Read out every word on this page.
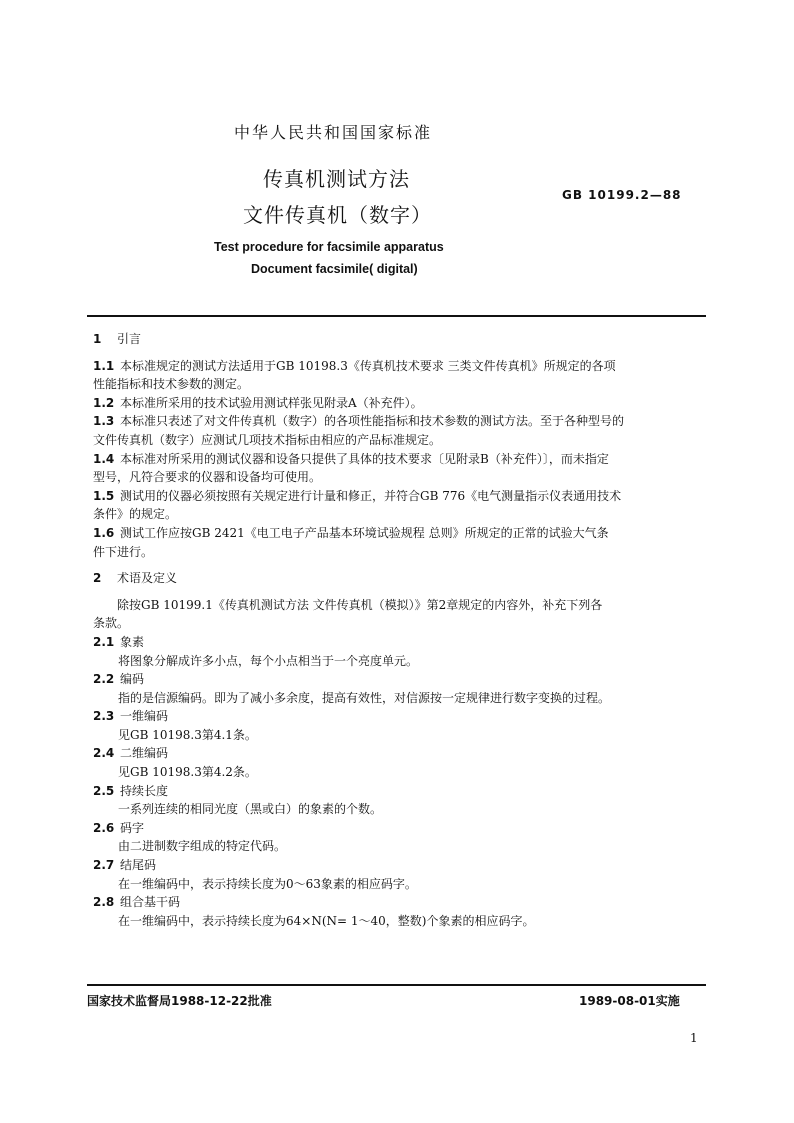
中华人民共和国国家标准
传真机测试方法
文件传真机（数字）
GB 10199.2—88
Test procedure for facsimile apparatus
Document facsimile( digital)
1 引言
1.1 本标准规定的测试方法适用于GB 10198.3《传真机技术要求 三类文件传真机》所规定的各项
性能指标和技术参数的测定。
1.2 本标准所采用的技术试验用测试样张见附录A（补充件）。
1.3 本标准只表述了对文件传真机（数字）的各项性能指标和技术参数的测试方法。至于各种型号的
文件传真机（数字）应测试几项技术指标由相应的产品标准规定。
1.4 本标准对所采用的测试仪器和设备只提供了具体的技术要求〔见附录B（补充件）〕，而未指定
型号，凡符合要求的仪器和设备均可使用。
1.5 测试用的仪器必须按照有关规定进行计量和修正，并符合GB 776《电气测量指示仪表通用技术
条件》的规定。
1.6 测试工作应按GB 2421《电工电子产品基本环境试验规程 总则》所规定的正常的试验大气条
件下进行。
2 术语及定义
除按GB 10199.1《传真机测试方法 文件传真机（模拟）》第2章规定的内容外，补充下列各
条款。
2.1 象素
将图象分解成许多小点，每个小点相当于一个亮度单元。
2.2 编码
指的是信源编码。即为了减小多余度，提高有效性，对信源按一定规律进行数字变换的过程。
2.3 一维编码
见GB 10198.3第4.1条。
2.4 二维编码
见GB 10198.3第4.2条。
2.5 持续长度
一系列连续的相同光度（黑或白）的象素的个数。
2.6 码字
由二进制数字组成的特定代码。
2.7 结尾码
在一维编码中，表示持续长度为0～63象素的相应码字。
2.8 组合基干码
在一维编码中，表示持续长度为64×N(N= 1～40，整数)个象素的相应码字。
国家技术监督局1988-12-22批准	1989-08-01实施
1
